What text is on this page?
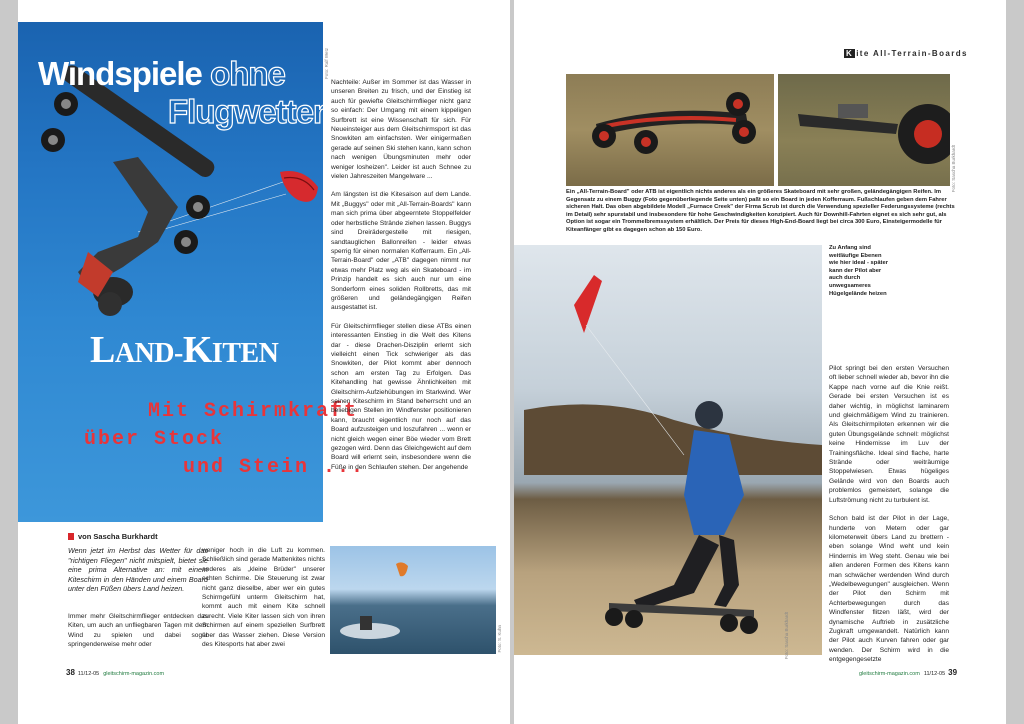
Windspiele ohne
Flugwetter
LAND-KITEN
Mit Schirmkraft
über Stock
und Stein ...
Foto: Ralf Wetz
von Sascha Burkhardt
Wenn jetzt im Herbst das Wetter für das "richtigen Fliegen" nicht mitspielt, bietet sie eine prima Alternative an: mit einem Kiteschirm in den Händen und einem Board unter den Füßen übers Land heizen.

Immer mehr Gleitschirmflieger entdecken das Kiten, um auch an unfliegbaren Tagen mit dem Wind zu spielen und dabei sogar springenderweise mehr oder

weniger hoch in die Luft zu kommen. Schließlich sind gerade Mattenkites nichts anderes als „kleine Brüder" unserer echten Schirme. Die Steuerung ist zwar nicht ganz dieselbe, aber wer ein gutes Schirmgefühl unterm Gleitschirm hat, kommt auch mit einem Kite schnell zurecht. Viele Kiter lassen sich von ihren Schirmen auf einem speziellen Surfbrett über das Wasser ziehen. Diese Version des Kitesports hat aber zwei

Nachteile: Außer im Sommer ist das Wasser in unseren Breiten zu frisch, und der Einstieg ist auch für gewiefte Gleitschirmflieger nicht ganz so einfach: Der Umgang mit einem kippeligen Surfbrett ist eine Wissenschaft für sich. Für Neueinsteiger aus dem Gleitschirmsport ist das Snowkiten am einfachsten. Wer einigermaßen gerade auf seinen Ski stehen kann, kann schon nach wenigen Übungsminuten mehr oder weniger losheizen". Leider ist auch Schnee zu vielen Jahreszeiten Mangelware ...

Am längsten ist die Kitesaison auf dem Lande. Mit „Buggys" oder mit „All-Terrain-Boards" kann man sich prima über abgeerntete Stoppelfelder oder herbstliche Strände ziehen lassen. Buggys sind Dreirädergestelle mit riesigen, sandtauglichen Ballonreifen - leider etwas sperrig für einen normalen Kofferraum. Ein „All-Terrain-Board" oder „ATB" dagegen nimmt nur etwas mehr Platz weg als ein Skateboard - im Prinzip handelt es sich auch nur um eine Sonderform eines soliden Rollbretts, das mit größeren und geländegängigen Reifen ausgestattet ist.

Für Gleitschirmflieger stellen diese ATBs einen interessanten Einstieg in die Welt des Kitens dar - diese Drachen-Disziplin erlernt sich vielleicht einen Tick schwieriger als das Snowkiten, der Pilot kommt aber dennoch schon am ersten Tag zu Erfolgen. Das Kitehandling hat gewisse Ähnlichkeiten mit Gleitschirm-Aufziehübungen im Starkwind. Wer seinen Kiteschirm im Stand beherrscht und an beliebigen Stellen im Windfenster positionieren kann, braucht eigentlich nur noch auf das Board aufzusteigen und loszufahren ... wenn er nicht gleich wegen einer Böe wieder vom Brett gezogen wird. Denn das Gleichgewicht auf dem Board will erlernt sein, insbesondere wenn die Füße in den Schlaufen stehen. Der angehende

Foto: S. Kuhn
38 11/12-05 gleitschirm-magazin.com
K ite All-Terrain-Boards
Foto: Sascha Burkhardt
Ein „All-Terrain-Board" oder ATB ist eigentlich nichts anderes als ein größeres Skateboard mit sehr großen, geländegängigen Reifen. Im Gegensatz zu einem Buggy (Foto gegenüberliegende Seite unten) paßt so ein Board in jeden Kofferraum. Fußschlaufen geben dem Fahrer sicheren Halt. Das oben abgebildete Modell „Furnace Creek" der Firma Scrub ist durch die Verwendung spezieller Federungssysteme (rechts im Detail) sehr spurstabil und insbesondere für hohe Geschwindigkeiten konzipiert. Auch für Downhill-Fahrten eignet es sich sehr gut, als Option ist sogar ein Trommelbremssystem erhältlich. Der Preis für dieses High-End-Board liegt bei circa 300 Euro, Einsteigermodelle für Kiteanfänger gibt es dagegen schon ab 150 Euro.
Foto: Sascha Burkhardt
Zu Anfang sind weitläufige Ebenen wie hier ideal - später kann der Pilot aber auch durch unwegsameres Hügelgelände heizen

Pilot springt bei den ersten Versuchen oft lieber schnell wieder ab, bevor ihn die Kappe nach vorne auf die Knie reißt. Gerade bei ersten Versuchen ist es daher wichtig, in möglichst laminarem und gleichmäßigem Wind zu trainieren. Als Gleitschirmpiloten erkennen wir die guten Übungsgelände schnell: möglichst keine Hindernisse im Luv der Trainingsfläche. Ideal sind flache, harte Strände oder weiträumige Stoppelwiesen. Etwas hügeliges Gelände wird von den Boards auch problemlos gemeistert, solange die Luftströmung nicht zu turbulent ist.

Schon bald ist der Pilot in der Lage, hunderte von Metern oder gar kilometerweit übers Land zu brettern - eben solange Wind weht und kein Hindernis im Weg steht. Genau wie bei allen anderen Formen des Kitens kann man schwächer werdenden Wind durch „Wedelbewegungen" ausgleichen. Wenn der Pilot den Schirm mit Achterbewegungen durch das Windfenster flitzen läßt, wird der dynamische Auftrieb in zusätzliche Zugkraft umgewandelt. Natürlich kann der Pilot auch Kurven fahren oder gar wenden. Der Schirm wird in die entgegengesetzte

gleitschirm-magazin.com 11/12-05 39
